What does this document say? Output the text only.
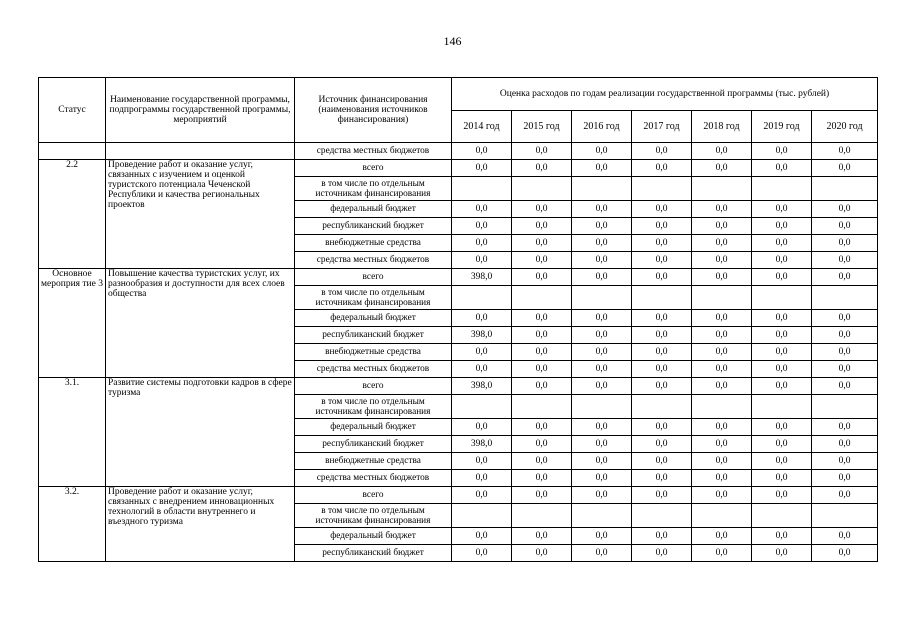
146
Статус	Наименование государственной программы, подпрограммы государственной программы, мероприятий	Источник финансирования (наименования источников финансирования)	Оценка расходов по годам реализации государственной программы (тыс. рублей)						
			2014 год	2015 год	2016 год	2017 год	2018 год	2019 год	2020 год
		средства местных бюджетов	0,0	0,0	0,0	0,0	0,0	0,0	0,0
2.2	Проведение работ и оказание услуг, связанных с изучением и оценкой туристского потенциала Чеченской Республики и качества региональных проектов	всего	0,0	0,0	0,0	0,0	0,0	0,0	0,0
		в том числе по отдельным источникам финансирования							
		федеральный бюджет	0,0	0,0	0,0	0,0	0,0	0,0	0,0
		республиканский бюджет	0,0	0,0	0,0	0,0	0,0	0,0	0,0
		внебюджетные средства	0,0	0,0	0,0	0,0	0,0	0,0	0,0
		средства местных бюджетов	0,0	0,0	0,0	0,0	0,0	0,0	0,0
Основное мероприя тие 3	Повышение качества туристских услуг, их разнообразия и доступности для всех слоев общества	всего	398,0	0,0	0,0	0,0	0,0	0,0	0,0
		в том числе по отдельным источникам финансирования							
		федеральный бюджет	0,0	0,0	0,0	0,0	0,0	0,0	0,0
		республиканский бюджет	398,0	0,0	0,0	0,0	0,0	0,0	0,0
		внебюджетные средства	0,0	0,0	0,0	0,0	0,0	0,0	0,0
		средства местных бюджетов	0,0	0,0	0,0	0,0	0,0	0,0	0,0
3.1.	Развитие системы подготовки кадров в сфере туризма	всего	398,0	0,0	0,0	0,0	0,0	0,0	0,0
		в том числе по отдельным источникам финансирования							
		федеральный бюджет	0,0	0,0	0,0	0,0	0,0	0,0	0,0
		республиканский бюджет	398,0	0,0	0,0	0,0	0,0	0,0	0,0
		внебюджетные средства	0,0	0,0	0,0	0,0	0,0	0,0	0,0
		средства местных бюджетов	0,0	0,0	0,0	0,0	0,0	0,0	0,0
3.2.	Проведение работ и оказание услуг, связанных с внедрением инновационных технологий в области внутреннего и въездного туризма	всего	0,0	0,0	0,0	0,0	0,0	0,0	0,0
		в том числе по отдельным источникам финансирования							
		федеральный бюджет	0,0	0,0	0,0	0,0	0,0	0,0	0,0
		республиканский бюджет	0,0	0,0	0,0	0,0	0,0	0,0	0,0
